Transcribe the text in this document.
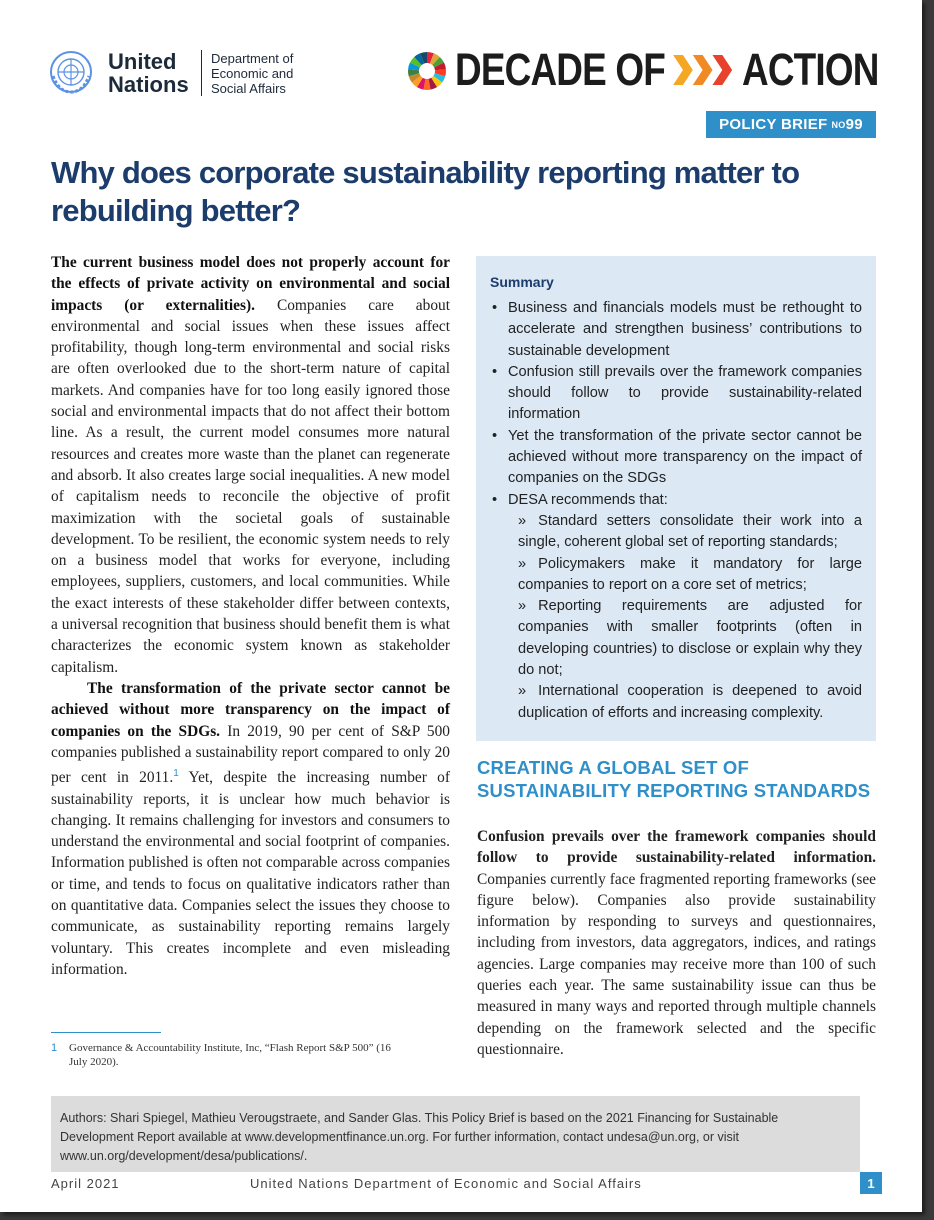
United
Nations
Department of
Economic and
Social Affairs	DECADE OF ACTION
POLICY BRIEF NO 99
Why does corporate sustainability reporting matter to rebuilding better?

The current business model does not properly account for the effects of private activity on environmental and social impacts (or externalities). Companies care about environmental and social issues when these issues affect profitability, though long-term environmental and social risks are often overlooked due to the short-term nature of capital markets. And companies have for too long easily ignored those social and environmental impacts that do not affect their bottom line. As a result, the current model consumes more natural resources and creates more waste than the planet can regenerate and absorb. It also creates large social inequalities. A new model of capitalism needs to reconcile the objective of profit maximization with the societal goals of sustainable development. To be resilient, the economic system needs to rely on a business model that works for everyone, including employees, suppliers, customers, and local communities. While the exact interests of these stakeholder differ between contexts, a universal recognition that business should benefit them is what characterizes the economic system known as stakeholder capitalism.

The transformation of the private sector cannot be achieved without more transparency on the impact of companies on the SDGs. In 2019, 90 per cent of S&P 500 companies published a sustainability report compared to only 20 per cent in 2011.$^1$ Yet, despite the increasing number of sustainability reports, it is unclear how much behavior is changing. It remains challenging for investors and consumers to understand the environmental and social footprint of companies. Information published is often not comparable across companies or time, and tends to focus on qualitative indicators rather than on quantitative data. Companies select the issues they choose to communicate, as sustainability reporting remains largely voluntary. This creates incomplete and even misleading information.

1 Governance & Accountability Institute, Inc, “Flash Report S&P 500” (16 July 2020).
Summary
• Business and financials models must be rethought to accelerate and strengthen business’ contributions to sustainable development
• Confusion still prevails over the framework companies should follow to provide sustainability-related information
• Yet the transformation of the private sector cannot be achieved without more transparency on the impact of companies on the SDGs
• DESA recommends that:
» Standard setters consolidate their work into a single, coherent global set of reporting standards;
» Policymakers make it mandatory for large companies to report on a core set of metrics;
» Reporting requirements are adjusted for companies with smaller footprints (often in developing countries) to disclose or explain why they do not;
» International cooperation is deepened to avoid duplication of efforts and increasing complexity.
CREATING A GLOBAL SET OF SUSTAINABILITY REPORTING STANDARDS

Confusion prevails over the framework companies should follow to provide sustainability-related information. Companies currently face fragmented reporting frameworks (see figure below). Companies also provide sustainability information by responding to surveys and questionnaires, including from investors, data aggregators, indices, and ratings agencies. Large companies may receive more than 100 of such queries each year. The same sustainability issue can thus be measured in many ways and reported through multiple channels depending on the framework selected and the specific questionnaire.

Authors: Shari Spiegel, Mathieu Verougstraete, and Sander Glas. This Policy Brief is based on the 2021 Financing for Sustainable Development Report available at www.developmentfinance.un.org. For further information, contact undesa@un.org, or visit www.un.org/development/desa/publications/.
April 2021	United Nations Department of Economic and Social Affairs	1
